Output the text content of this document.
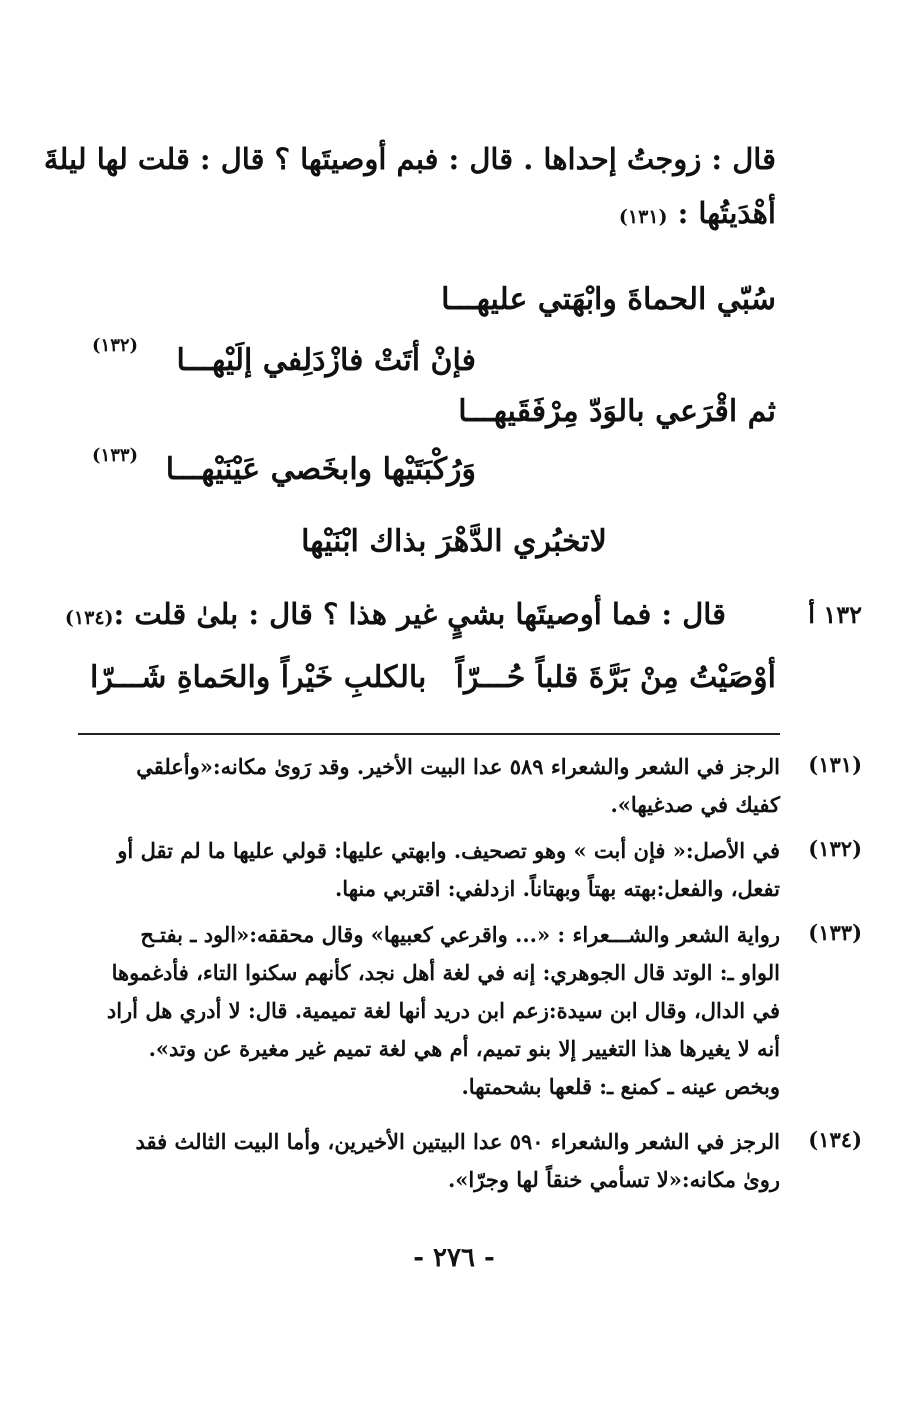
قال : زوجتُ إحداها . قال : فبم أوصيتَها ؟ قال : قلت لها ليلةَ
أهْدَيتُها : (١٣١)
سُبّي الحماةَ وابْهَتي عليهـــا
فإنْ أتَتْ فازْدَلِفي إلَيْهـــا
(١٣٢)
ثم اقْرَعي بالوَدّ مِرْفَقَيهـــا
وَرُكْبَتَيْها وابخَصي عَيْنَيْهـــا
(١٣٣)
لاتخبُري الدَّهْرَ بذاك ابْنَيْها
١٣٢ أ
قال : فما أوصيتَها بشيٍ غير هذا ؟ قال : بلىٰ قلت :(١٣٤)
أوْصَيْتُ مِنْ بَرَّةَ قلباً حُـــرّاً
بالكلبِ خَيْراً والحَماةِ شَـــرّا
(١٣١)
الرجز في الشعر والشعراء ٥٨٩ عدا البيت الأخير. وقد رَوىٰ مكانه:«وأعلقي
كفيك في صدغيها».
(١٣٢)
في الأصل:« فإن أبت » وهو تصحيف. وابهتي عليها: قولي عليها ما لم تقل أو
تفعل، والفعل:بهته بهتاً وبهتاناً. ازدلفي: اقتربي منها.
(١٣٣)
رواية الشعر والشـــعراء : «... واقرعي كعبيها» وقال محققه:«الود ـ بفتـح
الواو ـ: الوتد قال الجوهري: إنه في لغة أهل نجد، كأنهم سكنوا التاء، فأدغموها
في الدال، وقال ابن سيدة:زعم ابن دريد أنها لغة تميمية. قال: لا أدري هل أراد
أنه لا يغيرها هذا التغيير إلا بنو تميم، أم هي لغة تميم غير مغيرة عن وتد».
وبخص عينه ـ كمنع ـ: قلعها بشحمتها.
(١٣٤)
الرجز في الشعر والشعراء ٥٩٠ عدا البيتين الأخيرين، وأما البيت الثالث فقد
روىٰ مكانه:«لا تسأمي خنقاً لها وجرّا».
- ٢٧٦ -
